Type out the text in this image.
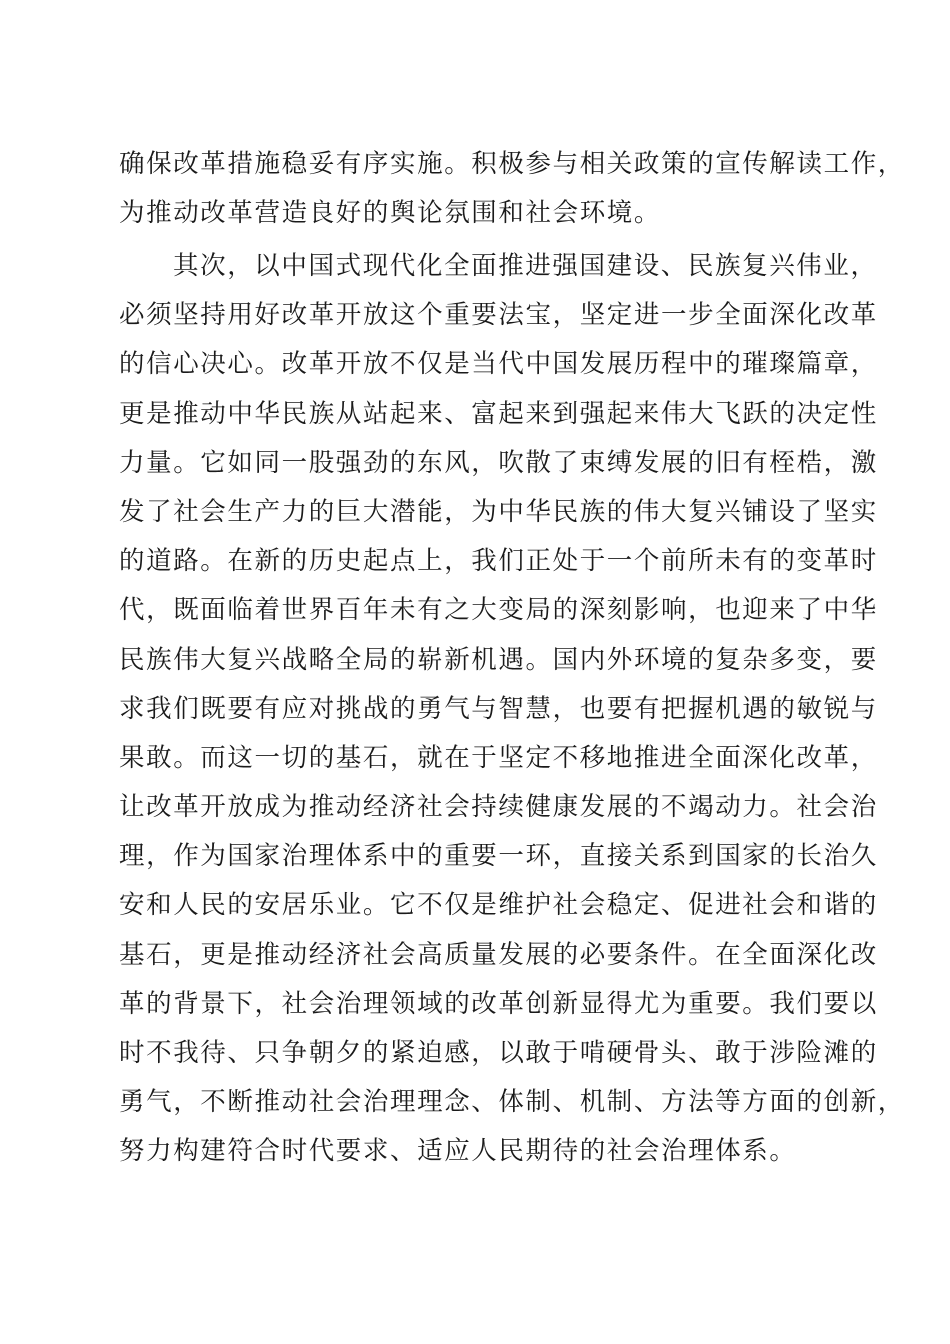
确保改革措施稳妥有序实施。积极参与相关政策的宣传解读工作，
为推动改革营造良好的舆论氛围和社会环境。
其次，以中国式现代化全面推进强国建设、民族复兴伟业，
必须坚持用好改革开放这个重要法宝，坚定进一步全面深化改革
的信心决心。改革开放不仅是当代中国发展历程中的璀璨篇章，
更是推动中华民族从站起来、富起来到强起来伟大飞跃的决定性
力量。它如同一股强劲的东风，吹散了束缚发展的旧有桎梏，激
发了社会生产力的巨大潜能，为中华民族的伟大复兴铺设了坚实
的道路。在新的历史起点上，我们正处于一个前所未有的变革时
代，既面临着世界百年未有之大变局的深刻影响，也迎来了中华
民族伟大复兴战略全局的崭新机遇。国内外环境的复杂多变，要
求我们既要有应对挑战的勇气与智慧，也要有把握机遇的敏锐与
果敢。而这一切的基石，就在于坚定不移地推进全面深化改革，
让改革开放成为推动经济社会持续健康发展的不竭动力。社会治
理，作为国家治理体系中的重要一环，直接关系到国家的长治久
安和人民的安居乐业。它不仅是维护社会稳定、促进社会和谐的
基石，更是推动经济社会高质量发展的必要条件。在全面深化改
革的背景下，社会治理领域的改革创新显得尤为重要。我们要以
时不我待、只争朝夕的紧迫感，以敢于啃硬骨头、敢于涉险滩的
勇气，不断推动社会治理理念、体制、机制、方法等方面的创新，
努力构建符合时代要求、适应人民期待的社会治理体系。
